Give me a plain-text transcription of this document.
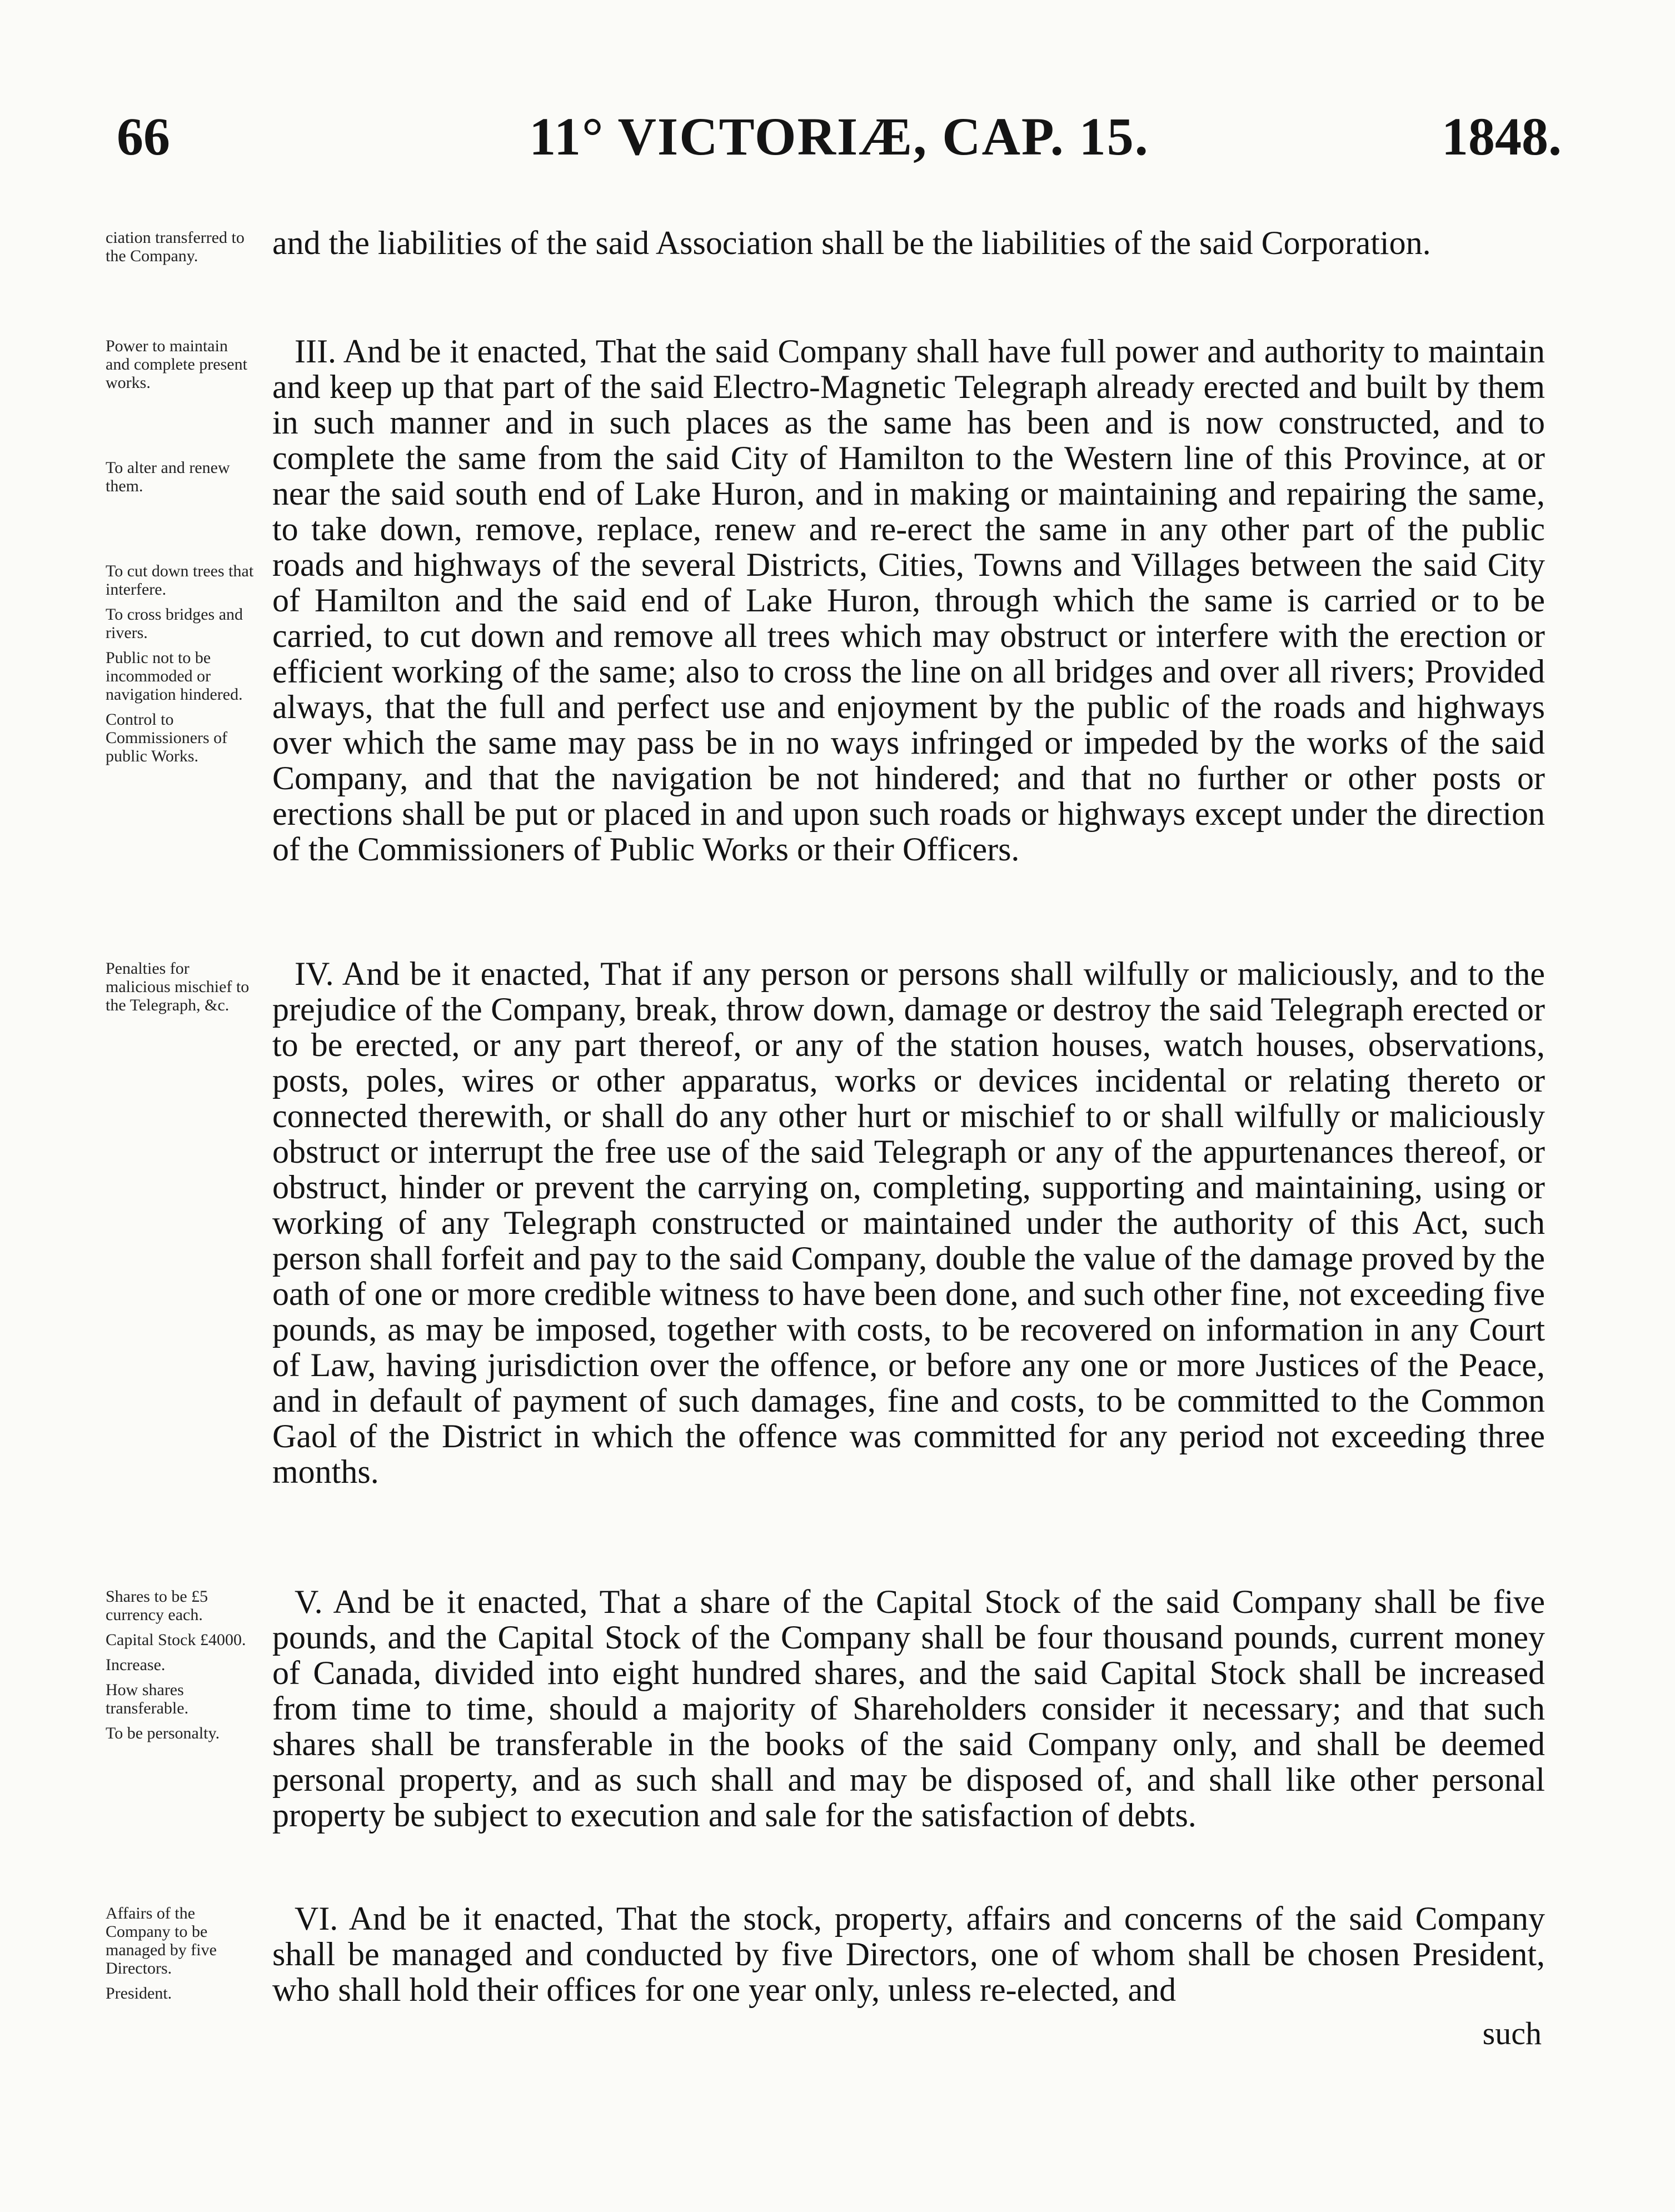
66	11° VICTORIÆ, CAP. 15.	1848.
ciation transferred to the Company.	and the liabilities of the said Association shall be the liabilities of the said Corporation.

Power to maintain and complete present works.
To alter and renew them.
To cut down trees that interfere.
To cross bridges and rivers.
Public not to be incommoded or navigation hindered.
Control to Commissioners of public Works.

III. And be it enacted, That the said Company shall have full power and authority to maintain and keep up that part of the said Electro-Magnetic Telegraph already erected and built by them in such manner and in such places as the same has been and is now constructed, and to complete the same from the said City of Hamilton to the Western line of this Province, at or near the said south end of Lake Huron, and in making or maintaining and repairing the same, to take down, remove, replace, renew and re-erect the same in any other part of the public roads and highways of the several Districts, Cities, Towns and Villages between the said City of Hamilton and the said end of Lake Huron, through which the same is carried or to be carried, to cut down and remove all trees which may obstruct or interfere with the erection or efficient working of the same; also to cross the line on all bridges and over all rivers; Provided always, that the full and perfect use and enjoyment by the public of the roads and highways over which the same may pass be in no ways infringed or impeded by the works of the said Company, and that the navigation be not hindered; and that no further or other posts or erections shall be put or placed in and upon such roads or highways except under the direction of the Commissioners of Public Works or their Officers.

Penalties for malicious mischief to the Telegraph, &c.

IV. And be it enacted, That if any person or persons shall wilfully or maliciously, and to the prejudice of the Company, break, throw down, damage or destroy the said Telegraph erected or to be erected, or any part thereof, or any of the station houses, watch houses, observations, posts, poles, wires or other apparatus, works or devices incidental or relating thereto or connected therewith, or shall do any other hurt or mischief to or shall wilfully or maliciously obstruct or interrupt the free use of the said Telegraph or any of the appurtenances thereof, or obstruct, hinder or prevent the carrying on, completing, supporting and maintaining, using or working of any Telegraph constructed or maintained under the authority of this Act, such person shall forfeit and pay to the said Company, double the value of the damage proved by the oath of one or more credible witness to have been done, and such other fine, not exceeding five pounds, as may be imposed, together with costs, to be recovered on information in any Court of Law, having jurisdiction over the offence, or before any one or more Justices of the Peace, and in default of payment of such damages, fine and costs, to be committed to the Common Gaol of the District in which the offence was committed for any period not exceeding three months.

Shares to be £5 currency each.
Capital Stock £4000.
Increase.
How shares transferable.
To be personalty.

V. And be it enacted, That a share of the Capital Stock of the said Company shall be five pounds, and the Capital Stock of the Company shall be four thousand pounds, current money of Canada, divided into eight hundred shares, and the said Capital Stock shall be increased from time to time, should a majority of Shareholders consider it necessary; and that such shares shall be transferable in the books of the said Company only, and shall be deemed personal property, and as such shall and may be disposed of, and shall like other personal property be subject to execution and sale for the satisfaction of debts.

Affairs of the Company to be managed by five Directors.
President.

VI. And be it enacted, That the stock, property, affairs and concerns of the said Company shall be managed and conducted by five Directors, one of whom shall be chosen President, who shall hold their offices for one year only, unless re-elected, and

such
